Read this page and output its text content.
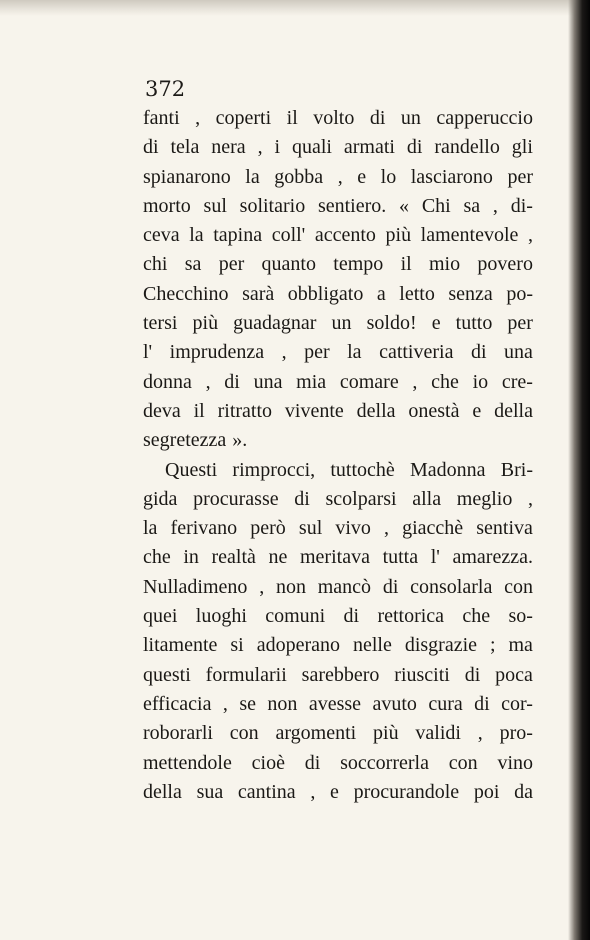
372

fanti , coperti il volto di un capperuccio
di tela nera , i quali armati di randello gli
spianarono la gobba , e lo lasciarono per
morto sul solitario sentiero. « Chi sa , di-
ceva la tapina coll' accento più lamentevole ,
chi sa per quanto tempo il mio povero
Checchino sarà obbligato a letto senza po-
tersi più guadagnar un soldo! e tutto per
l' imprudenza , per la cattiveria di una
donna , di una mia comare , che io cre-
deva il ritratto vivente della onestà e della
segretezza ».
Questi rimprocci, tuttochè Madonna Bri-
gida procurasse di scolparsi alla meglio ,
la ferivano però sul vivo , giacchè sentiva
che in realtà ne meritava tutta l' amarezza.
Nulladimeno , non mancò di consolarla con
quei luoghi comuni di rettorica che so-
litamente si adoperano nelle disgrazie ; ma
questi formularii sarebbero riusciti di poca
efficacia , se non avesse avuto cura di cor-
roborarli con argomenti più validi , pro-
mettendole cioè di soccorrerla con vino
della sua cantina , e procurandole poi da
